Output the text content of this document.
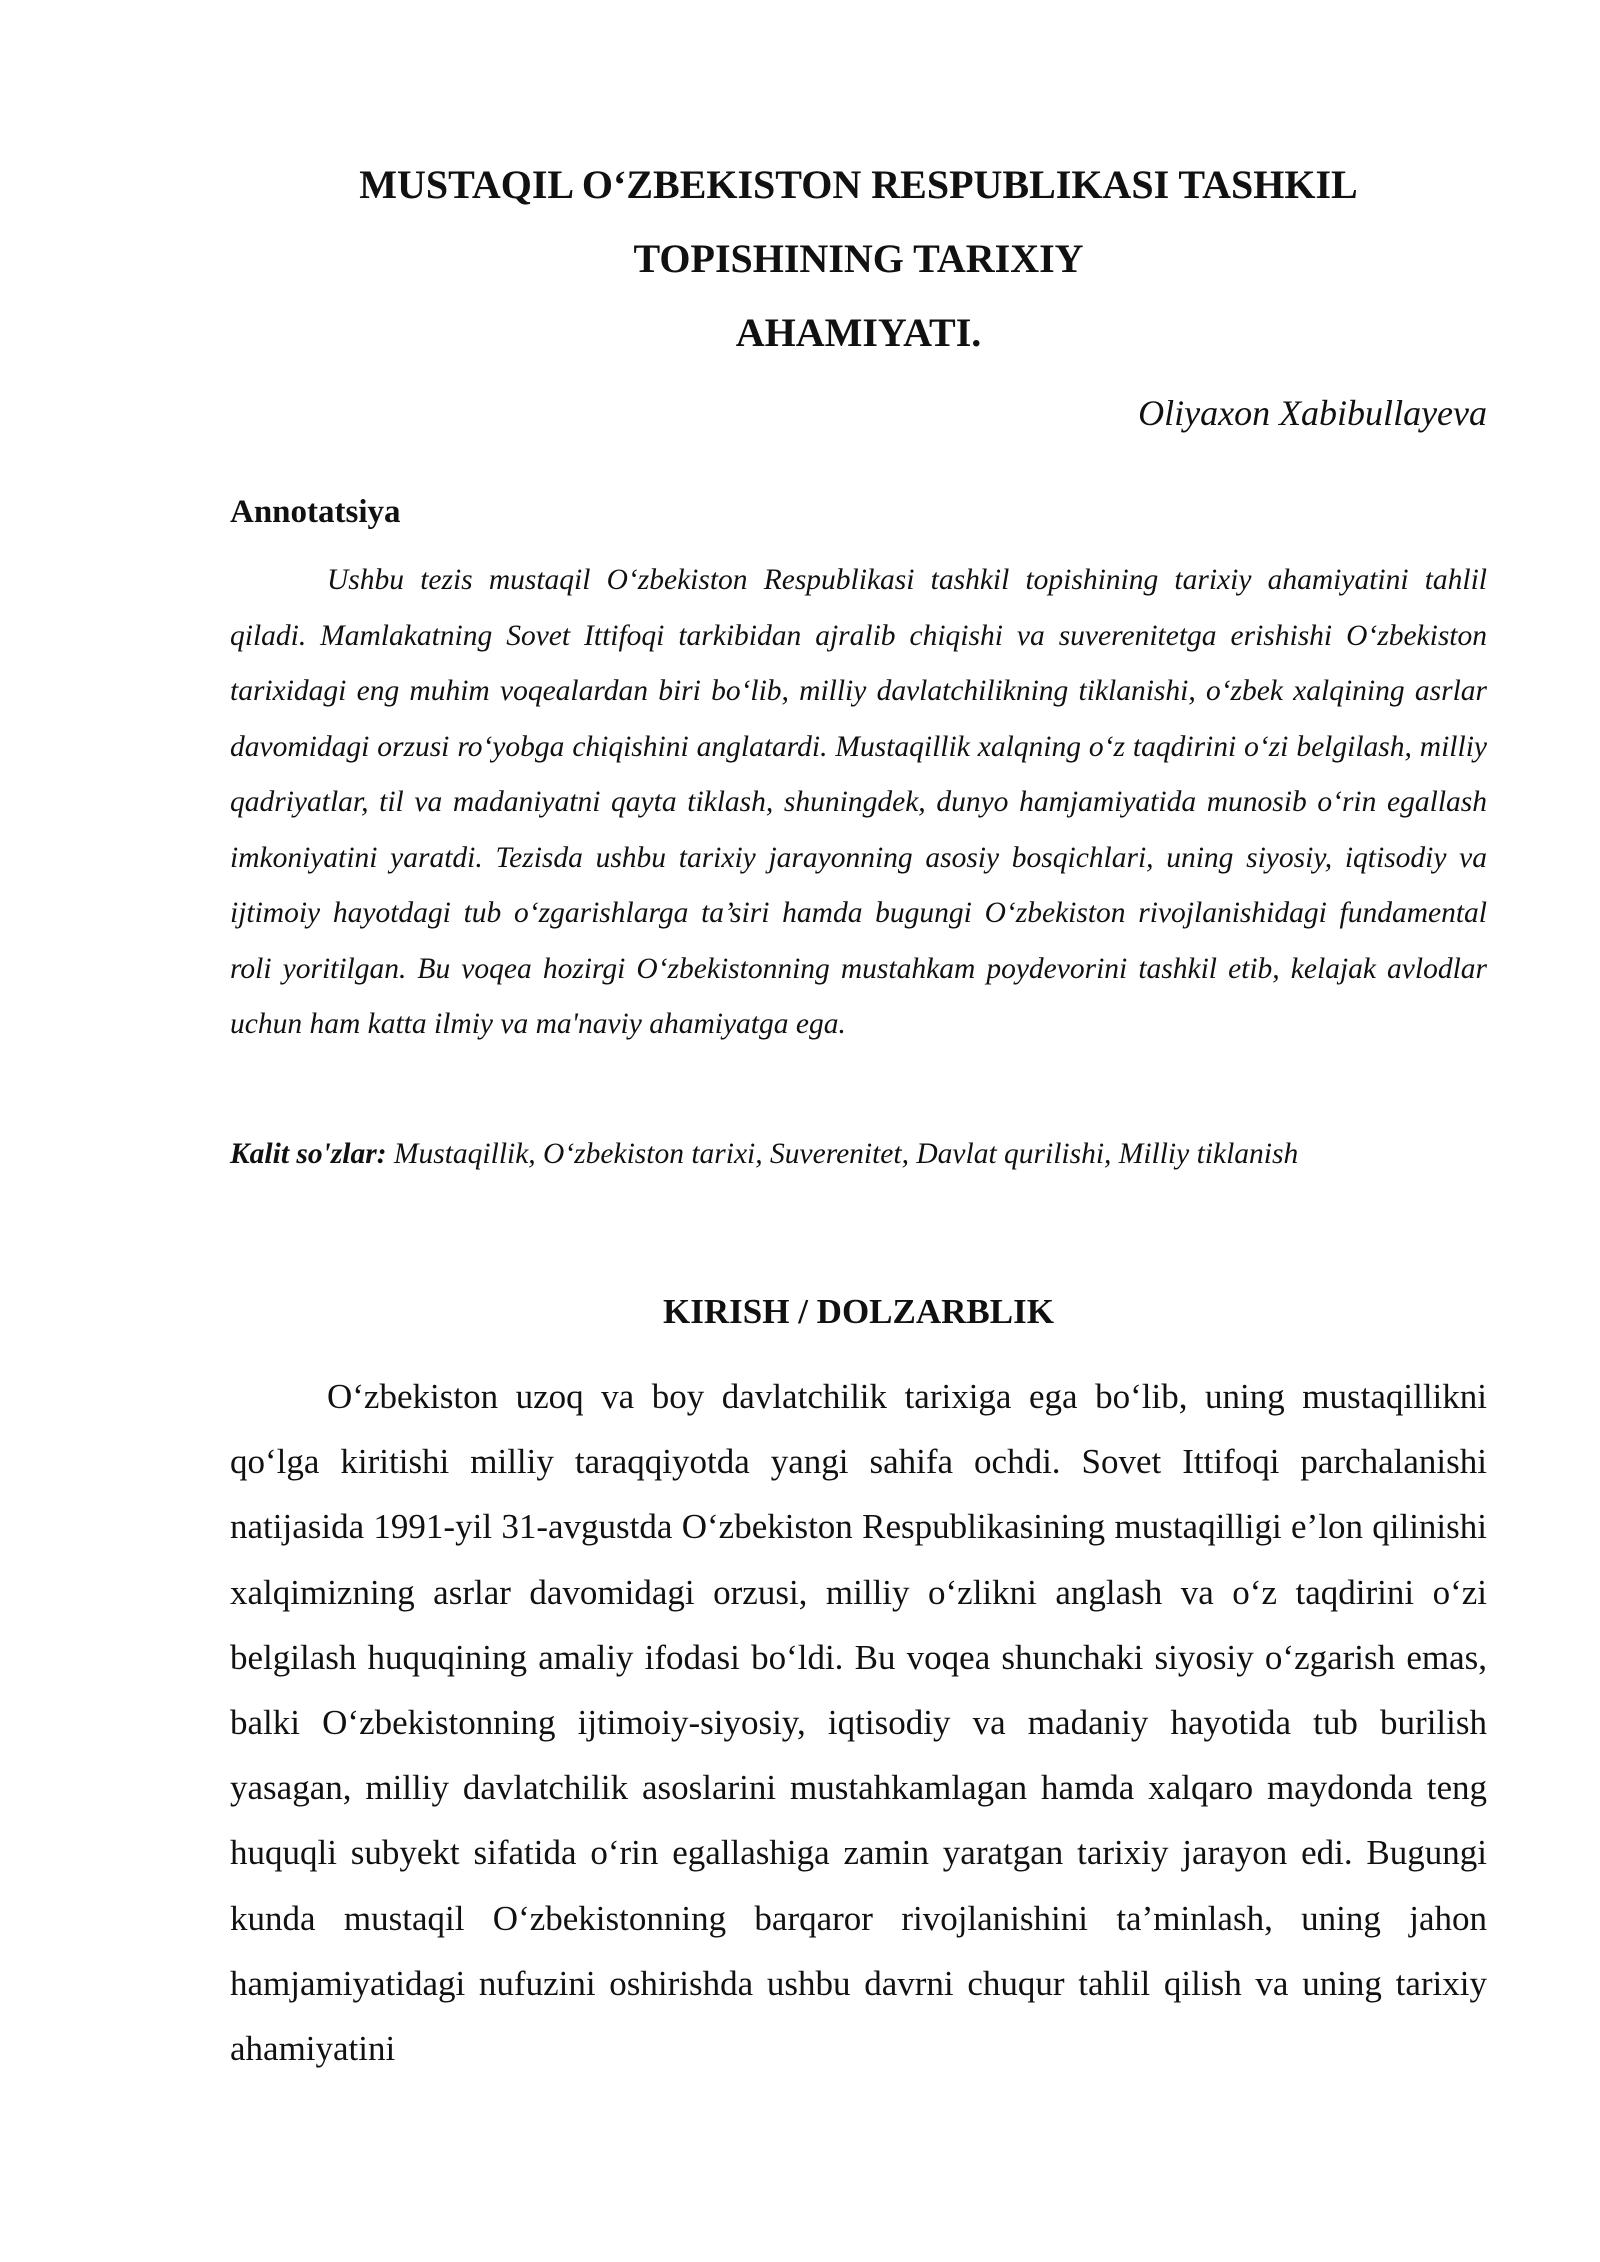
MUSTAQIL O‘ZBEKISTON RESPUBLIKASI TASHKIL
TOPISHINING TARIXIY
AHAMIYATI.

Oliyaxon Xabibullayeva

Annotatsiya

Ushbu tezis mustaqil O‘zbekiston Respublikasi tashkil topishining tarixiy ahamiyatini tahlil qiladi. Mamlakatning Sovet Ittifoqi tarkibidan ajralib chiqishi va suverenitetga erishishi O‘zbekiston tarixidagi eng muhim voqealardan biri bo‘lib, milliy davlatchilikning tiklanishi, o‘zbek xalqining asrlar davomidagi orzusi ro‘yobga chiqishini anglatardi. Mustaqillik xalqning o‘z taqdirini o‘zi belgilash, milliy qadriyatlar, til va madaniyatni qayta tiklash, shuningdek, dunyo hamjamiyatida munosib o‘rin egallash imkoniyatini yaratdi. Tezisda ushbu tarixiy jarayonning asosiy bosqichlari, uning siyosiy, iqtisodiy va ijtimoiy hayotdagi tub o‘zgarishlarga ta’siri hamda bugungi O‘zbekiston rivojlanishidagi fundamental roli yoritilgan. Bu voqea hozirgi O‘zbekistonning mustahkam poydevorini tashkil etib, kelajak avlodlar uchun ham katta ilmiy va ma'naviy ahamiyatga ega.

Kalit so'zlar: Mustaqillik, O‘zbekiston tarixi, Suverenitet, Davlat qurilishi, Milliy tiklanish

KIRISH / DOLZARBLIK

O‘zbekiston uzoq va boy davlatchilik tarixiga ega bo‘lib, uning mustaqillikni qo‘lga kiritishi milliy taraqqiyotda yangi sahifa ochdi. Sovet Ittifoqi parchalanishi natijasida 1991-yil 31-avgustda O‘zbekiston Respublikasining mustaqilligi e’lon qilinishi xalqimizning asrlar davomidagi orzusi, milliy o‘zlikni anglash va o‘z taqdirini o‘zi belgilash huquqining amaliy ifodasi bo‘ldi. Bu voqea shunchaki siyosiy o‘zgarish emas, balki O‘zbekistonning ijtimoiy-siyosiy, iqtisodiy va madaniy hayotida tub burilish yasagan, milliy davlatchilik asoslarini mustahkamlagan hamda xalqaro maydonda teng huquqli subyekt sifatida o‘rin egallashiga zamin yaratgan tarixiy jarayon edi. Bugungi kunda mustaqil O‘zbekistonning barqaror rivojlanishini ta’minlash, uning jahon hamjamiyatidagi nufuzini oshirishda ushbu davrni chuqur tahlil qilish va uning tarixiy ahamiyatini
